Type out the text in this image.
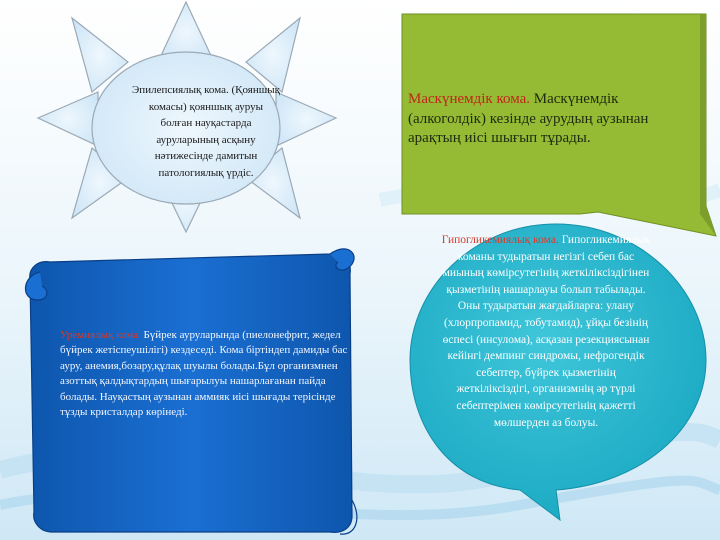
Эпилепсиялық кома. (Қояншық комасы) қояншық ауруы болған науқастарда ауруларының асқыну нәтижесінде дамитын патологиялық үрдіс.

Маскүнемдік кома. Маскүнемдік (алкоголдік) кезінде аурудың аузынан арақтың иісі шығып тұрады.

Уремиялық кома. Бүйрек ауруларында (пиелонефрит, жедел бүйрек жетіспеушілігі) кездеседі. Кома біртіндеп дамиды бас ауру, анемия,бозару,құлақ шуылы болады.Бұл организмнен азоттық қалдықтардың шығарылуы нашарлағанан пайда болады. Науқастың аузынан аммияк иісі шығады терісінде тұзды кристалдар көрінеді.

Гипогликемиялық кома. Гипогликемиялық команы тудыратын негізгі себеп бас миының көмірсутегінің жеткіліксіздігінен қызметінің нашарлауы болып табылады. Оны тудыратын жағдайларға: улану (хлорпропамид, тобутамид), ұйқы безінің өспесі (инсулома), асқазан резекциясынан кейінгі демпинг синдромы, нефрогендік себептер, бүйрек қызметінің жеткіліксіздігі, организмнің әр түрлі себептерімен көмірсутегінің қажетті мөлшерден аз болуы.
